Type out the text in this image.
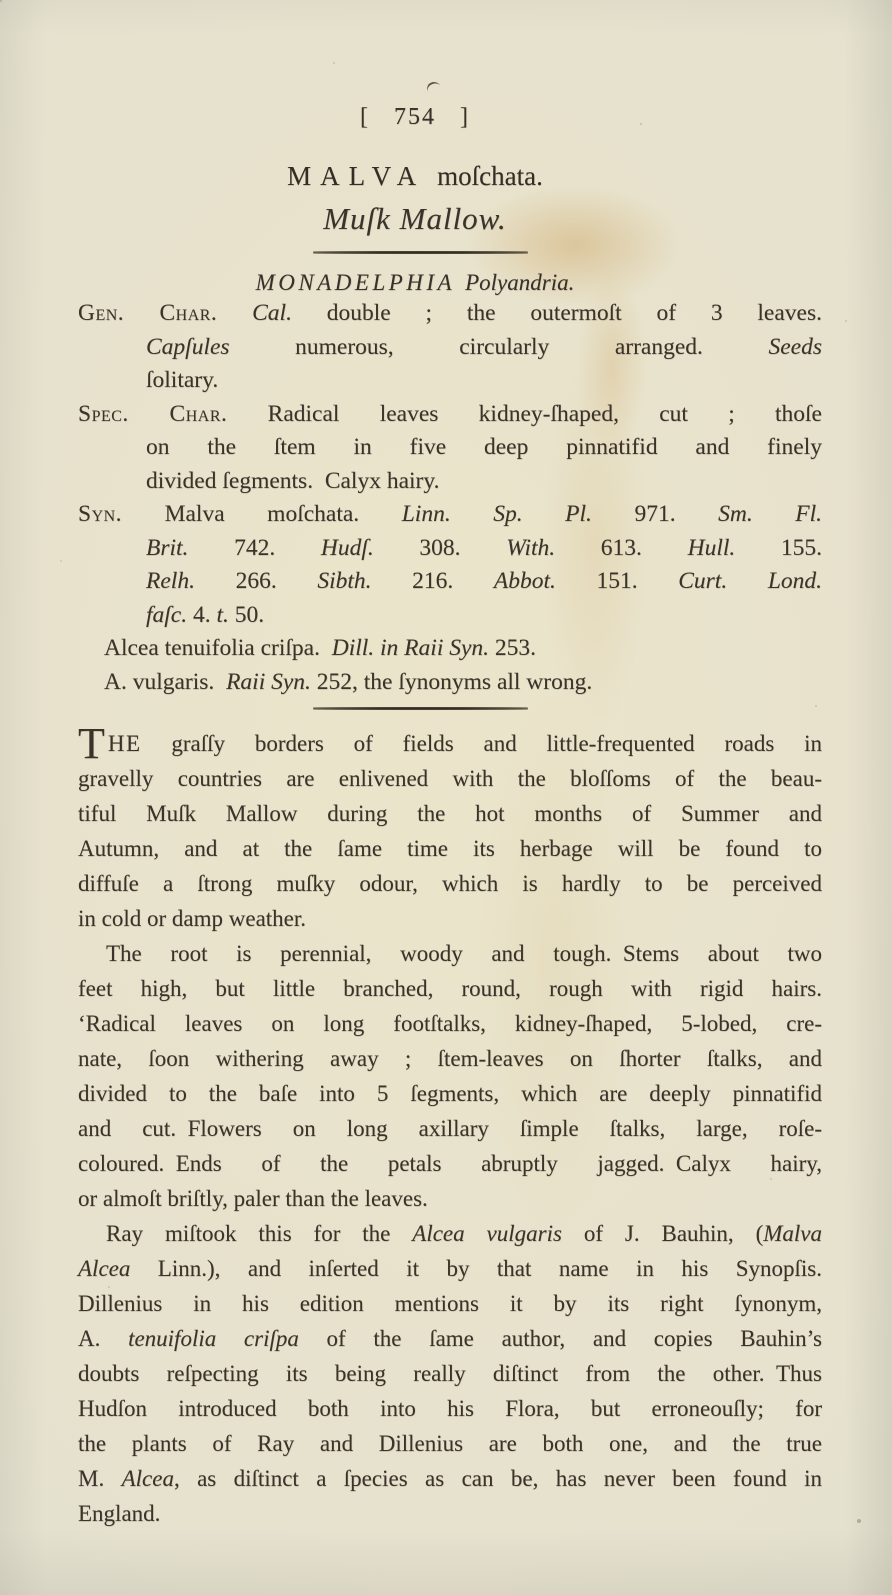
[ 754 ]
MALVA moſchata.
Muſk Mallow.
MONADELPHIA Polyandria.
Gen. Char. Cal. double ; the outermoſt of 3 leaves.
Capſules numerous, circularly arranged. Seeds
ſolitary.
Spec. Char. Radical leaves kidney-ſhaped, cut ; thoſe
on the ſtem in five deep pinnatifid and finely
divided ſegments. Calyx hairy.
Syn. Malva moſchata. Linn. Sp. Pl. 971. Sm. Fl.
Brit. 742. Hudſ. 308. With. 613. Hull. 155.
Relh. 266. Sibth. 216. Abbot. 151. Curt. Lond.
faſc. 4. t. 50.
Alcea tenuifolia criſpa. Dill. in Raii Syn. 253.
A. vulgaris. Raii Syn. 252, the ſynonyms all wrong.
THE graſſy borders of fields and little-frequented roads in
gravelly countries are enlivened with the bloſſoms of the beau-
tiful Muſk Mallow during the hot months of Summer and
Autumn, and at the ſame time its herbage will be found to
diffuſe a ſtrong muſky odour, which is hardly to be perceived
in cold or damp weather.
The root is perennial, woody and tough. Stems about two
feet high, but little branched, round, rough with rigid hairs.
‘Radical leaves on long footſtalks, kidney-ſhaped, 5-lobed, cre-
nate, ſoon withering away ; ſtem-leaves on ſhorter ſtalks, and
divided to the baſe into 5 ſegments, which are deeply pinnatifid
and cut. Flowers on long axillary ſimple ſtalks, large, roſe-
coloured. Ends of the petals abruptly jagged. Calyx hairy,
or almoſt briſtly, paler than the leaves.
Ray miſtook this for the Alcea vulgaris of J. Bauhin, (Malva
Alcea Linn.), and inſerted it by that name in his Synopſis.
Dillenius in his edition mentions it by its right ſynonym,
A. tenuifolia criſpa of the ſame author, and copies Bauhin’s
doubts reſpecting its being really diſtinct from the other. Thus
Hudſon introduced both into his Flora, but erroneouſly; for
the plants of Ray and Dillenius are both one, and the true
M. Alcea, as diſtinct a ſpecies as can be, has never been found in
England.
